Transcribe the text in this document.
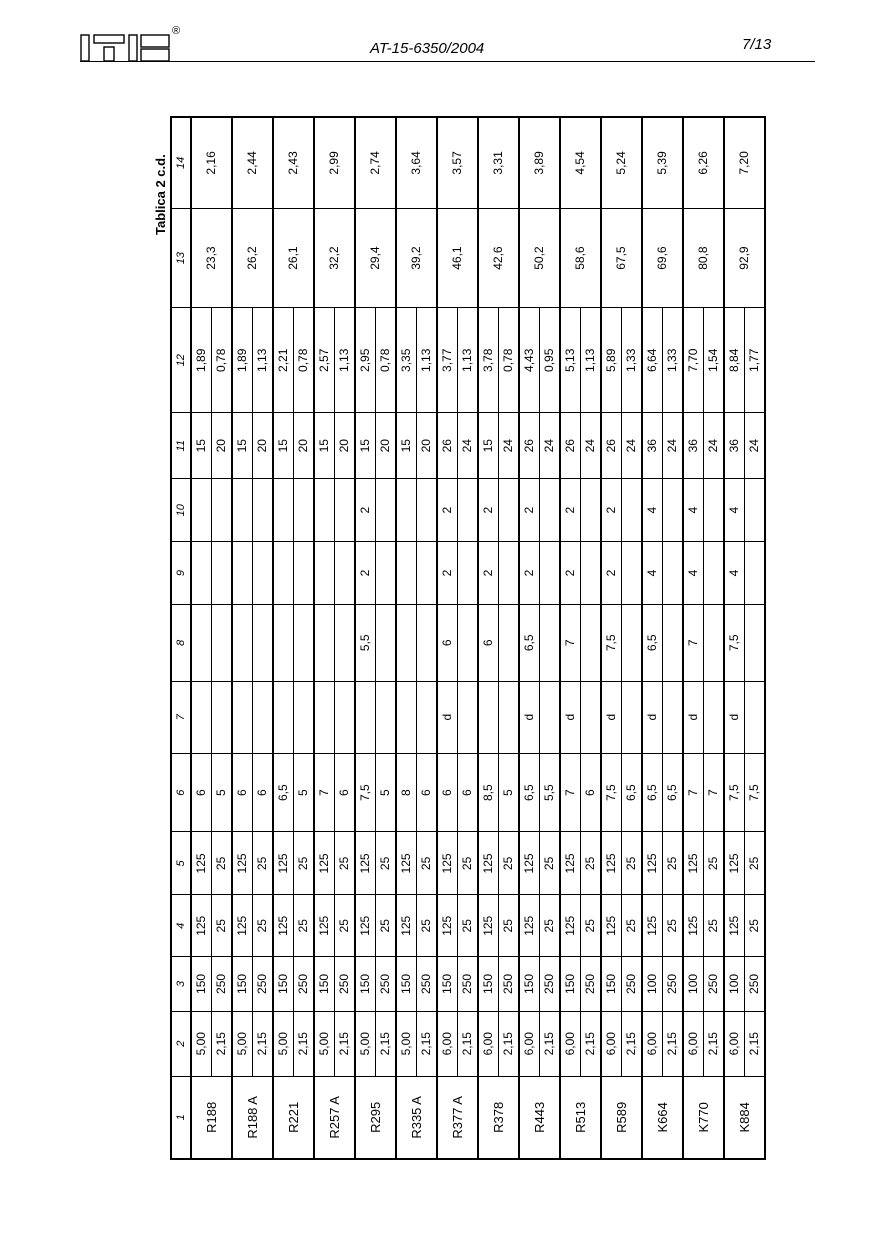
®
AT-15-6350/2004	7/13
Tablica 2 c.d.
1	2	3	4	5	6	7	8	9	10	11	12	13	14
R188	5,00	150	125	125	6					15	1,89	23,3	2,16
	2,15	250	25	25	5					20	0,78		
R188 A	5,00	150	125	125	6					15	1,89	26,2	2,44
	2,15	250	25	25	6					20	1,13		
R221	5,00	150	125	125	6,5					15	2,21	26,1	2,43
	2,15	250	25	25	5					20	0,78		
R257 A	5,00	150	125	125	7					15	2,57	32,2	2,99
	2,15	250	25	25	6					20	1,13		
R295	5,00	150	125	125	7,5		5,5	2	2	15	2,95	29,4	2,74
	2,15	250	25	25	5					20	0,78		
R335 A	5,00	150	125	125	8					15	3,35	39,2	3,64
	2,15	250	25	25	6					20	1,13		
R377 A	6,00	150	125	125	6	d	6	2	2	26	3,77	46,1	3,57
	2,15	250	25	25	6					24	1,13		
R378	6,00	150	125	125	8,5		6	2	2	15	3,78	42,6	3,31
	2,15	250	25	25	5					24	0,78		
R443	6,00	150	125	125	6,5	d	6,5	2	2	26	4,43	50,2	3,89
	2,15	250	25	25	5,5					24	0,95		
R513	6,00	150	125	125	7	d	7	2	2	26	5,13	58,6	4,54
	2,15	250	25	25	6					24	1,13		
R589	6,00	150	125	125	7,5	d	7,5	2	2	26	5,89	67,5	5,24
	2,15	250	25	25	6,5					24	1,33		
K664	6,00	100	125	125	6,5	d	6,5	4	4	36	6,64	69,6	5,39
	2,15	250	25	25	6,5					24	1,33		
K770	6,00	100	125	125	7	d	7	4	4	36	7,70	80,8	6,26
	2,15	250	25	25	7					24	1,54		
K884	6,00	100	125	125	7,5	d	7,5	4	4	36	8,84	92,9	7,20
	2,15	250	25	25	7,5					24	1,77		
